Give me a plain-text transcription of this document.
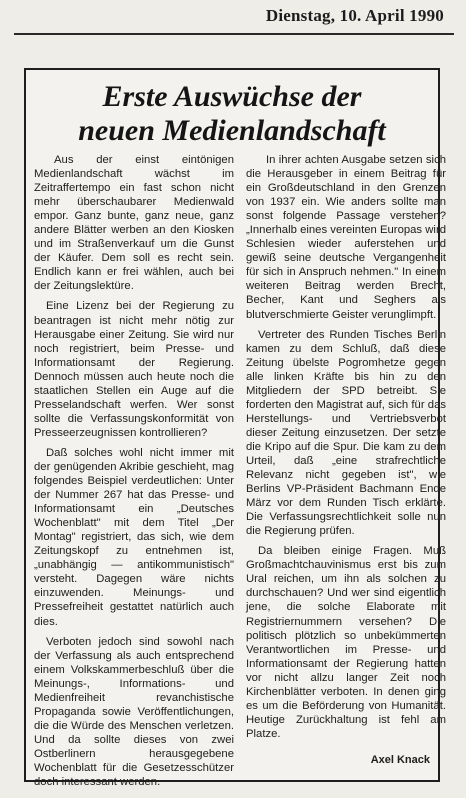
Dienstag, 10. April 1990
Erste Auswüchse der
neuen Medienlandschaft

Aus der einst eintönigen Medienlandschaft wächst im Zeitraffertempo ein fast schon nicht mehr überschaubarer Medienwald empor. Ganz bunte, ganz neue, ganz andere Blätter werben an den Kiosken und im Straßenverkauf um die Gunst der Käufer. Dem soll es recht sein. Endlich kann er frei wählen, auch bei der Zeitungslektüre.

Eine Lizenz bei der Regierung zu beantragen ist nicht mehr nötig zur Herausgabe einer Zeitung. Sie wird nur noch registriert, beim Presse- und Informationsamt der Regierung. Dennoch müssen auch heute noch die staatlichen Stellen ein Auge auf die Presselandschaft werfen. Wer sonst sollte die Verfassungskonformität von Presseerzeugnissen kontrollieren?

Daß solches wohl nicht immer mit der genügenden Akribie geschieht, mag folgendes Beispiel verdeutlichen: Unter der Nummer 267 hat das Presse- und Informationsamt ein „Deutsches Wochenblatt" mit dem Titel „Der Montag" registriert, das sich, wie dem Zeitungskopf zu entnehmen ist, „unabhängig — antikommunistisch" versteht. Dagegen wäre nichts einzuwenden. Meinungs- und Pressefreiheit gestattet natürlich auch dies.

Verboten jedoch sind sowohl nach der Verfassung als auch entsprechend einem Volkskammerbeschluß über die Meinungs-, Informations- und Medienfreiheit revanchistische Propaganda sowie Veröffentlichungen, die die Würde des Menschen verletzen. Und da sollte dieses von zwei Ostberlinern herausgegebene Wochenblatt für die Gesetzesschützer doch interessant werden.

In ihrer achten Ausgabe setzen sich die Herausgeber in einem Beitrag für ein Großdeutschland in den Grenzen von 1937 ein. Wie anders sollte man sonst folgende Passage verstehen? „Innerhalb eines vereinten Europas wird Schlesien wieder auferstehen und gewiß seine deutsche Vergangenheit für sich in Anspruch nehmen." In einem weiteren Beitrag werden Brecht, Becher, Kant und Seghers als blutverschmierte Geister verunglimpft.

Vertreter des Runden Tisches Berlin kamen zu dem Schluß, daß diese Zeitung übelste Pogromhetze gegen alle linken Kräfte bis hin zu den Mitgliedern der SPD betreibt. Sie forderten den Magistrat auf, sich für das Herstellungs- und Vertriebsverbot dieser Zeitung einzusetzen. Der setzte die Kripo auf die Spur. Die kam zu dem Urteil, daß „eine strafrechtliche Relevanz nicht gegeben ist", wie Berlins VP-Präsident Bachmann Ende März vor dem Runden Tisch erklärte. Die Verfassungsrechtlichkeit solle nun die Regierung prüfen.

Da bleiben einige Fragen. Muß Großmachtchauvinismus erst bis zum Ural reichen, um ihn als solchen zu durchschauen? Und wer sind eigentlich jene, die solche Elaborate mit Registriernummern versehen? Die politisch plötzlich so unbekümmerten Verantwortlichen im Presse- und Informationsamt der Regierung hatten vor nicht allzu langer Zeit noch Kirchenblätter verboten. In denen ging es um die Beförderung von Humanität. Heutige Zurückhaltung ist fehl am Platze.

Axel Knack
